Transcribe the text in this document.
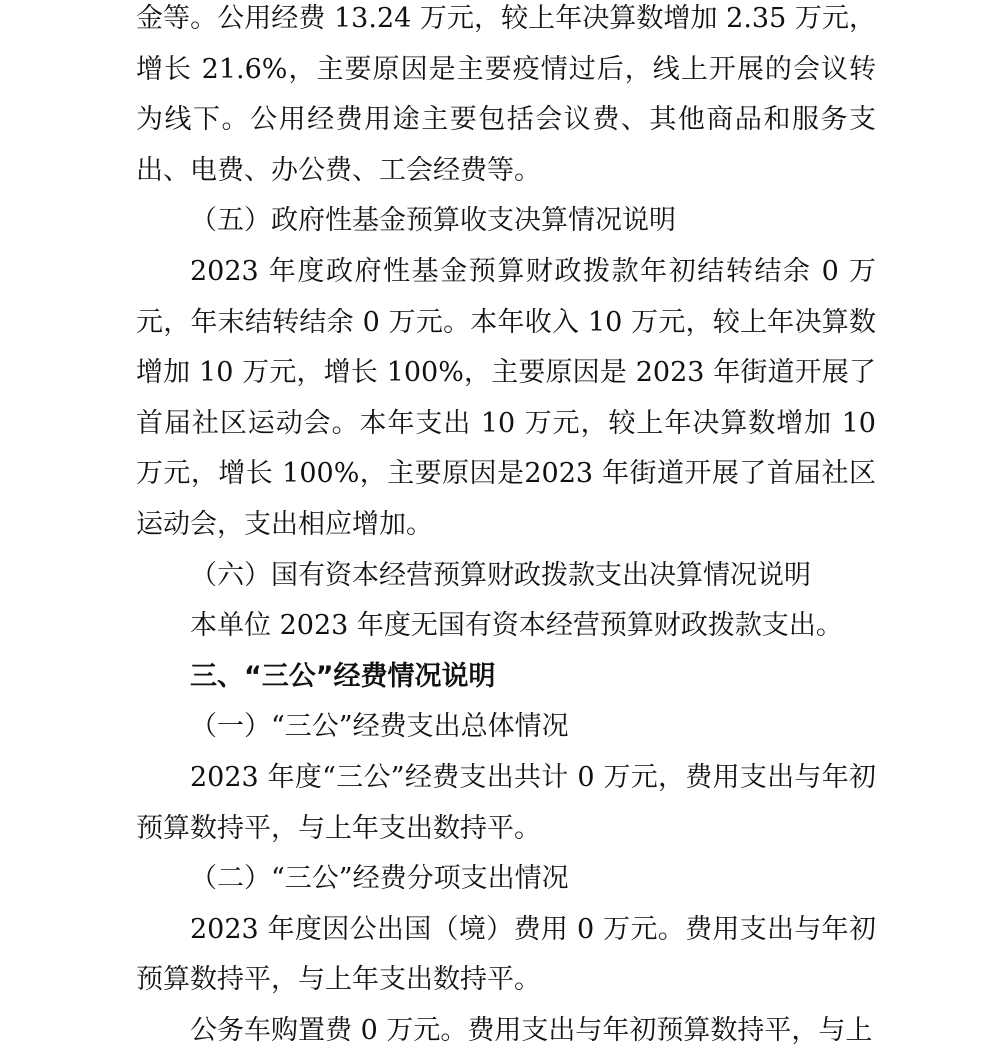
金等。公用经费 13.24 万元，较上年决算数增加 2.35 万元，增长 21.6%，主要原因是主要疫情过后，线上开展的会议转为线下。公用经费用途主要包括会议费、其他商品和服务支出、电费、办公费、工会经费等。

（五）政府性基金预算收支决算情况说明

2023 年度政府性基金预算财政拨款年初结转结余 0 万元，年末结转结余 0 万元。本年收入 10 万元，较上年决算数增加 10 万元，增长 100%，主要原因是 2023 年街道开展了首届社区运动会。本年支出 10 万元，较上年决算数增加 10 万元，增长 100%，主要原因是2023 年街道开展了首届社区运动会，支出相应增加。

（六）国有资本经营预算财政拨款支出决算情况说明

本单位 2023 年度无国有资本经营预算财政拨款支出。

三、“三公”经费情况说明

（一）“三公”经费支出总体情况

2023 年度“三公”经费支出共计 0 万元，费用支出与年初预算数持平，与上年支出数持平。

（二）“三公”经费分项支出情况

2023 年度因公出国（境）费用 0 万元。费用支出与年初预算数持平，与上年支出数持平。

公务车购置费 0 万元。费用支出与年初预算数持平，与上
